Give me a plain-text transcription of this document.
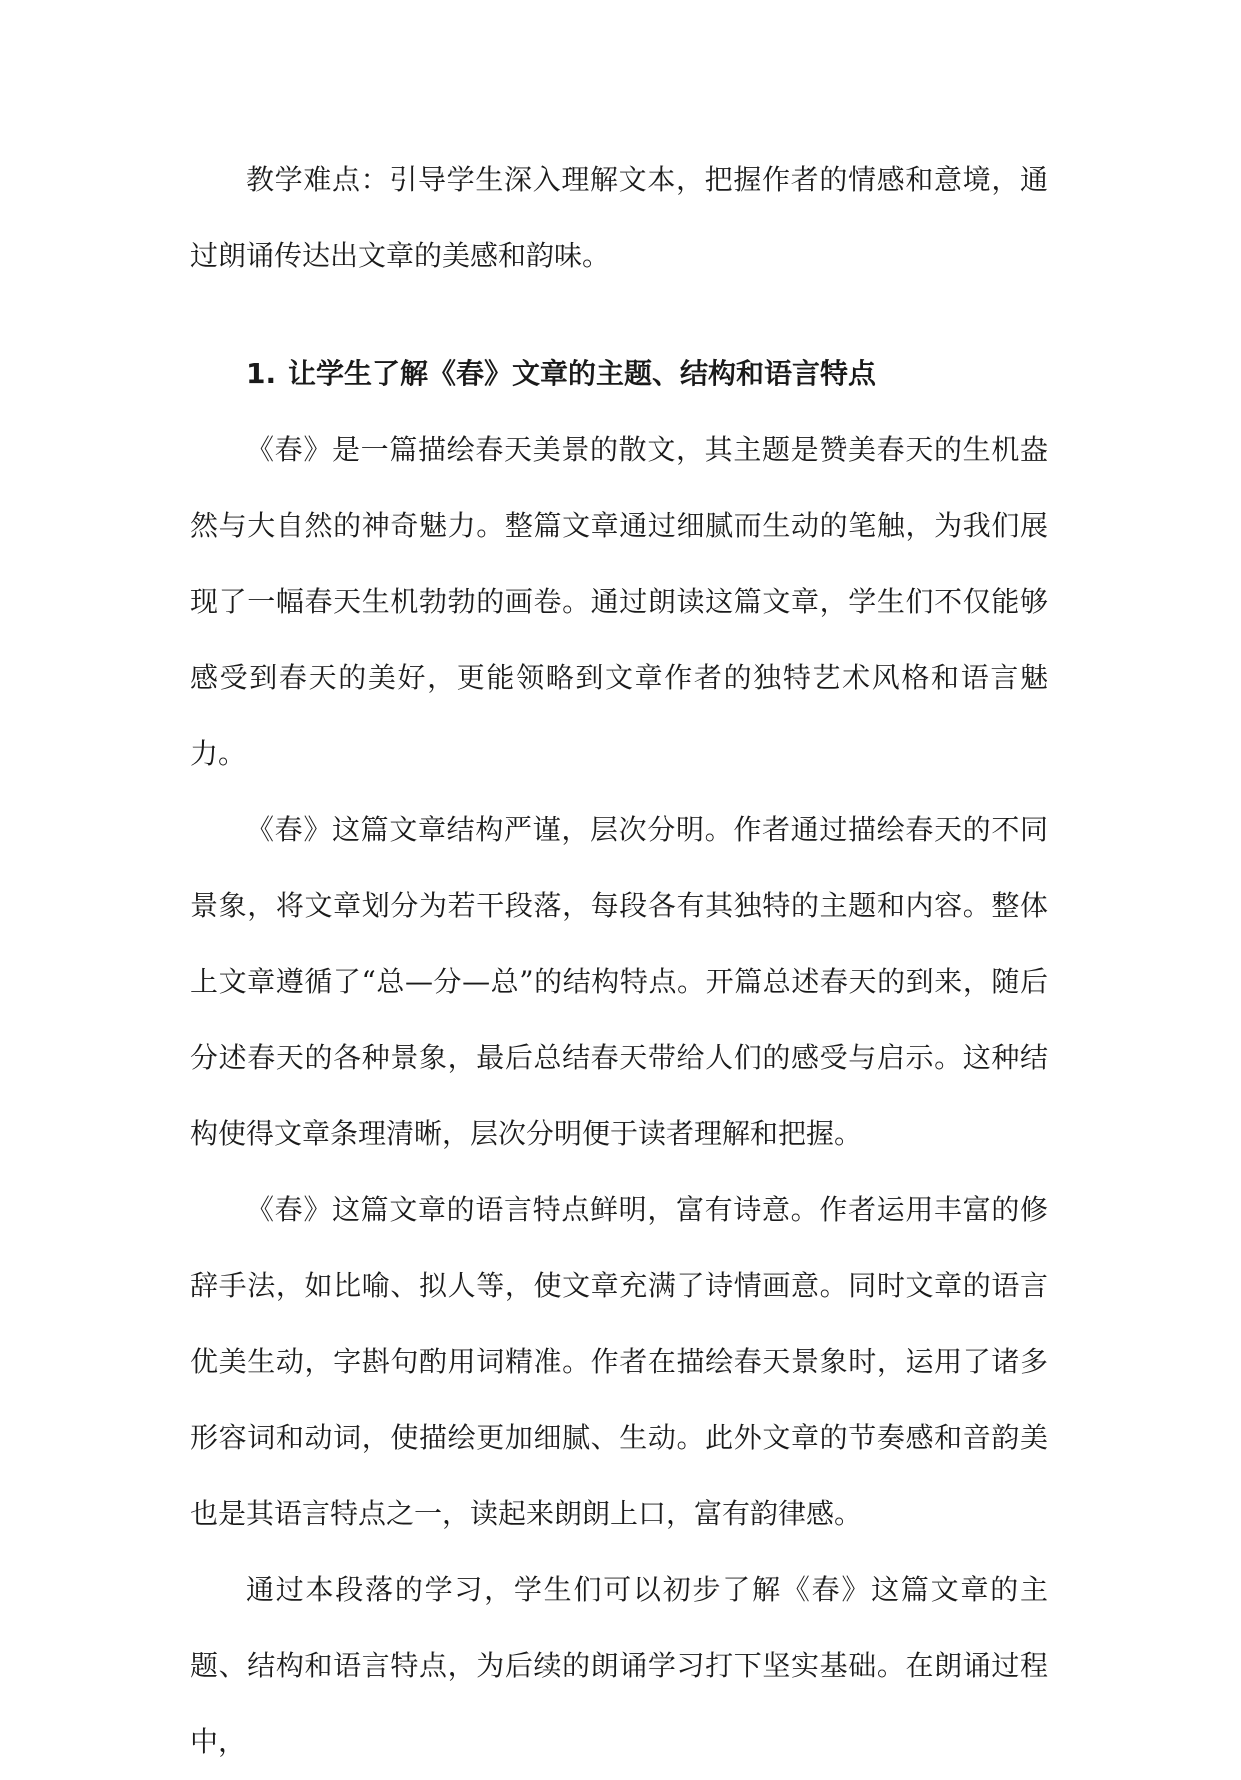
教学难点：引导学生深入理解文本，把握作者的情感和意境，通过朗诵传达出文章的美感和韵味。

1. 让学生了解《春》文章的主题、结构和语言特点

《春》是一篇描绘春天美景的散文，其主题是赞美春天的生机盎然与大自然的神奇魅力。整篇文章通过细腻而生动的笔触，为我们展现了一幅春天生机勃勃的画卷。通过朗读这篇文章，学生们不仅能够感受到春天的美好，更能领略到文章作者的独特艺术风格和语言魅力。

《春》这篇文章结构严谨，层次分明。作者通过描绘春天的不同景象，将文章划分为若干段落，每段各有其独特的主题和内容。整体上文章遵循了“总—分—总”的结构特点。开篇总述春天的到来，随后分述春天的各种景象，最后总结春天带给人们的感受与启示。这种结构使得文章条理清晰，层次分明便于读者理解和把握。

《春》这篇文章的语言特点鲜明，富有诗意。作者运用丰富的修辞手法，如比喻、拟人等，使文章充满了诗情画意。同时文章的语言优美生动，字斟句酌用词精准。作者在描绘春天景象时，运用了诸多形容词和动词，使描绘更加细腻、生动。此外文章的节奏感和音韵美也是其语言特点之一，读起来朗朗上口，富有韵律感。

通过本段落的学习，学生们可以初步了解《春》这篇文章的主题、结构和语言特点，为后续的朗诵学习打下坚实基础。在朗诵过程中，
